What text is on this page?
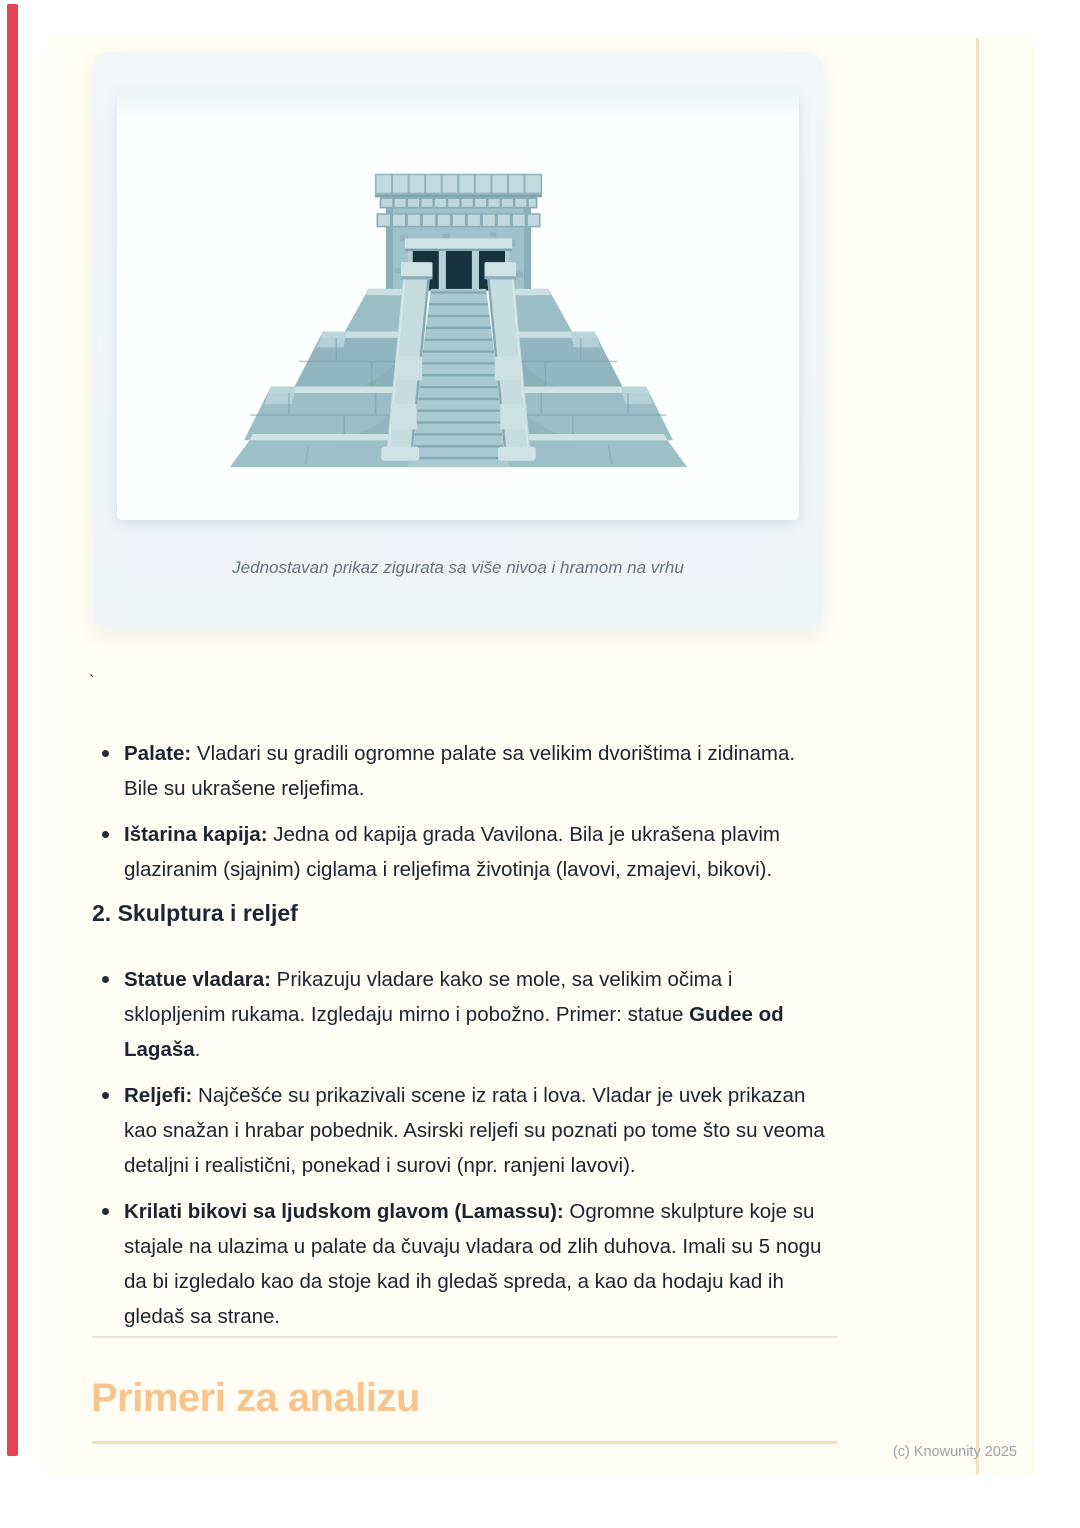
Jednostavan prikaz zigurata sa više nivoa i hramom na vrhu
`
Palate: Vladari su gradili ogromne palate sa velikim dvorištima i zidinama. Bile su ukrašene reljefima.
Ištarina kapija: Jedna od kapija grada Vavilona. Bila je ukrašena plavim glaziranim (sjajnim) ciglama i reljefima životinja (lavovi, zmajevi, bikovi).
2. Skulptura i reljef
Statue vladara: Prikazuju vladare kako se mole, sa velikim očima i sklopljenim rukama. Izgledaju mirno i pobožno. Primer: statue Gudee od Lagaša.
Reljefi: Najčešće su prikazivali scene iz rata i lova. Vladar je uvek prikazan kao snažan i hrabar pobednik. Asirski reljefi su poznati po tome što su veoma detaljni i realistični, ponekad i surovi (npr. ranjeni lavovi).
Krilati bikovi sa ljudskom glavom (Lamassu): Ogromne skulpture koje su stajale na ulazima u palate da čuvaju vladara od zlih duhova. Imali su 5 nogu da bi izgledalo kao da stoje kad ih gledaš spreda, a kao da hodaju kad ih gledaš sa strane.
Primeri za analizu
(c) Knowunity 2025
